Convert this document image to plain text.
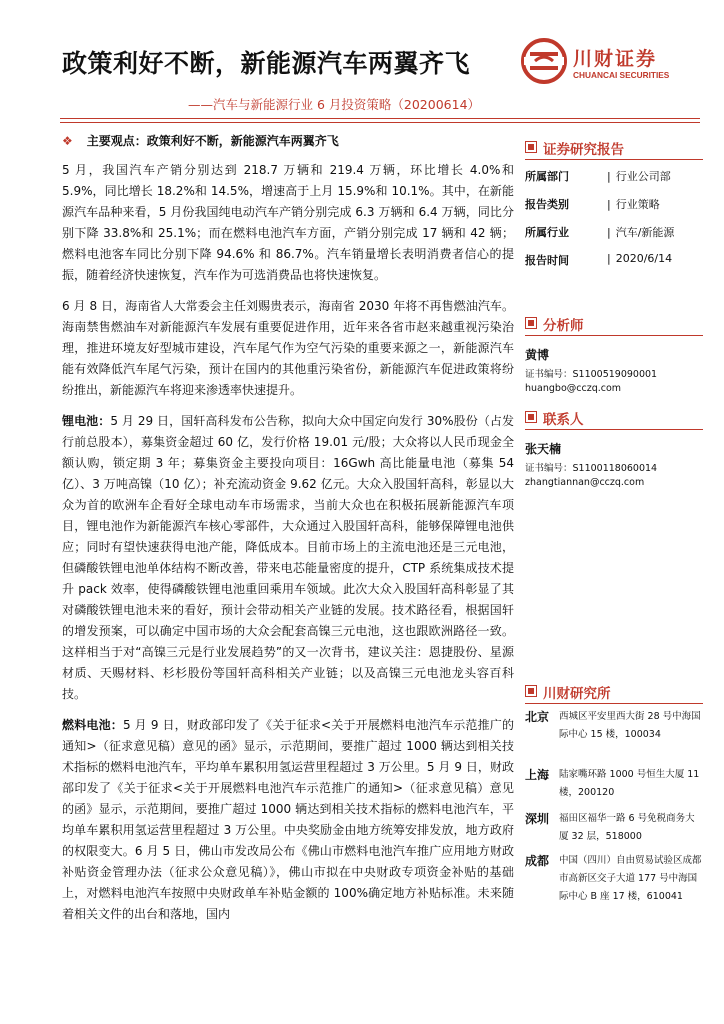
政策利好不断，新能源汽车两翼齐飞
——汽车与新能源行业 6 月投资策略（20200614）
川财证券
CHUANCAI SECURITIES
❖ 主要观点：政策利好不断，新能源汽车两翼齐飞

5 月，我国汽车产销分别达到 218.7 万辆和 219.4 万辆，环比增长 4.0%和 5.9%，同比增长 18.2%和 14.5%，增速高于上月 15.9%和 10.1%。其中，在新能源汽车品种来看，5 月份我国纯电动汽车产销分别完成 6.3 万辆和 6.4 万辆，同比分别下降 33.8%和 25.1%；而在燃料电池汽车方面，产销分别完成 17 辆和 42 辆；燃料电池客车同比分别下降 94.6% 和 86.7%。汽车销量增长表明消费者信心的提振，随着经济快速恢复，汽车作为可选消费品也将快速恢复。

6 月 8 日，海南省人大常委会主任刘赐贵表示，海南省 2030 年将不再售燃油汽车。海南禁售燃油车对新能源汽车发展有重要促进作用，近年来各省市赵来越重视污染治理，推进环境友好型城市建设，汽车尾气作为空气污染的重要来源之一，新能源汽车能有效降低汽车尾气污染，预计在国内的其他重污染省份，新能源汽车促进政策将纷纷推出，新能源汽车将迎来渗透率快速提升。

锂电池：5 月 29 日，国轩高科发布公告称，拟向大众中国定向发行 30%股份（占发行前总股本），募集资金超过 60 亿，发行价格 19.01 元/股；大众将以人民币现金全额认购，锁定期 3 年；募集资金主要投向项目：16Gwh 高比能量电池（募集 54 亿）、3 万吨高镍（10 亿）；补充流动资金 9.62 亿元。大众入股国轩高科，彰显以大众为首的欧洲车企看好全球电动车市场需求，当前大众也在积极拓展新能源汽车项目，锂电池作为新能源汽车核心零部件，大众通过入股国轩高科，能够保障锂电池供应；同时有望快速获得电池产能，降低成本。目前市场上的主流电池还是三元电池，但磷酸铁锂电池单体结构不断改善，带来电芯能量密度的提升，CTP 系统集成技术提升 pack 效率，使得磷酸铁锂电池重回乘用车领域。此次大众入股国轩高科彰显了其对磷酸铁锂电池未来的看好，预计会带动相关产业链的发展。技术路径看，根据国轩的增发预案，可以确定中国市场的大众会配套高镍三元电池，这也跟欧洲路径一致。这样相当于对“高镍三元是行业发展趋势”的又一次背书，建议关注：恩捷股份、星源材质、天赐材料、杉杉股份等国轩高科相关产业链；以及高镍三元电池龙头容百科技。

燃料电池：5 月 9 日，财政部印发了《关于征求<关于开展燃料电池汽车示范推广的通知>（征求意见稿）意见的函》显示，示范期间，要推广超过 1000 辆达到相关技术指标的燃料电池汽车，平均单车累积用氢运营里程超过 3 万公里。5 月 9 日，财政部印发了《关于征求<关于开展燃料电池汽车示范推广的通知>（征求意见稿）意见的函》显示，示范期间，要推广超过 1000 辆达到相关技术指标的燃料电池汽车，平均单车累积用氢运营里程超过 3 万公里。中央奖励金由地方统筹安排发放，地方政府的权限变大。6 月 5 日，佛山市发改局公布《佛山市燃料电池汽车推广应用地方财政补贴资金管理办法（征求公众意见稿）》，佛山市拟在中央财政专项资金补贴的基础上，对燃料电池汽车按照中央财政单车补贴金额的 100%确定地方补贴标准。未来随着相关文件的出台和落地，国内

证券研究报告
所属部门	| 行业公司部
报告类别	| 行业策略
所属行业	| 汽车/新能源
报告时间	| 2020/6/14
分析师
黄博
证书编号：S1100519090001
huangbo@cczq.com
联系人
张天楠
证书编号：S1100118060014
zhangtiannan@cczq.com
川财研究所
北京 西城区平安里西大街 28 号中海国际中心 15 楼，100034
上海 陆家嘴环路 1000 号恒生大厦 11 楼，200120
深圳 福田区福华一路 6 号免税商务大厦 32 层，518000
成都 中国（四川）自由贸易试验区成都市高新区交子大道 177 号中海国际中心 B 座 17 楼，610041
